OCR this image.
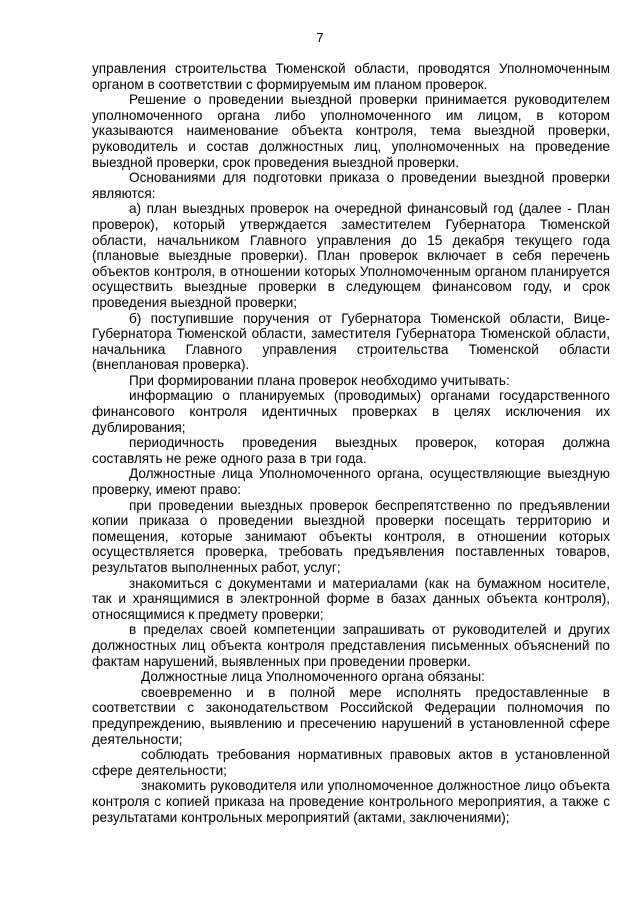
7

управления строительства Тюменской области, проводятся Уполномоченным органом в соответствии с формируемым им планом проверок.

Решение о проведении выездной проверки принимается руководителем уполномоченного органа либо уполномоченного им лицом, в котором указываются наименование объекта контроля, тема выездной проверки, руководитель и состав должностных лиц, уполномоченных на проведение выездной проверки, срок проведения выездной проверки.

Основаниями для подготовки приказа о проведении выездной проверки являются:

а) план выездных проверок на очередной финансовый год (далее - План проверок), который утверждается заместителем Губернатора Тюменской области, начальником Главного управления до 15 декабря текущего года (плановые выездные проверки). План проверок включает в себя перечень объектов контроля, в отношении которых Уполномоченным органом планируется осуществить выездные проверки в следующем финансовом году, и срок проведения выездной проверки;

б) поступившие поручения от Губернатора Тюменской области, Вице-Губернатора Тюменской области, заместителя Губернатора Тюменской области, начальника Главного управления строительства Тюменской области (внеплановая проверка).

При формировании плана проверок необходимо учитывать:

информацию о планируемых (проводимых) органами государственного финансового контроля идентичных проверках в целях исключения их дублирования;

периодичность проведения выездных проверок, которая должна составлять не реже одного раза в три года.

Должностные лица Уполномоченного органа, осуществляющие выездную проверку, имеют право:

при проведении выездных проверок беспрепятственно по предъявлении копии приказа о проведении выездной проверки посещать территорию и помещения, которые занимают объекты контроля, в отношении которых осуществляется проверка, требовать предъявления поставленных товаров, результатов выполненных работ, услуг;

знакомиться с документами и материалами (как на бумажном носителе, так и хранящимися в электронной форме в базах данных объекта контроля), относящимися к предмету проверки;

в пределах своей компетенции запрашивать от руководителей и других должностных лиц объекта контроля представления письменных объяснений по фактам нарушений, выявленных при проведении проверки.

Должностные лица Уполномоченного органа обязаны:

своевременно и в полной мере исполнять предоставленные в соответствии с законодательством Российской Федерации полномочия по предупреждению, выявлению и пресечению нарушений в установленной сфере деятельности;

соблюдать требования нормативных правовых актов в установленной сфере деятельности;

знакомить руководителя или уполномоченное должностное лицо объекта контроля с копией приказа на проведение контрольного мероприятия, а также с результатами контрольных мероприятий (актами, заключениями);
